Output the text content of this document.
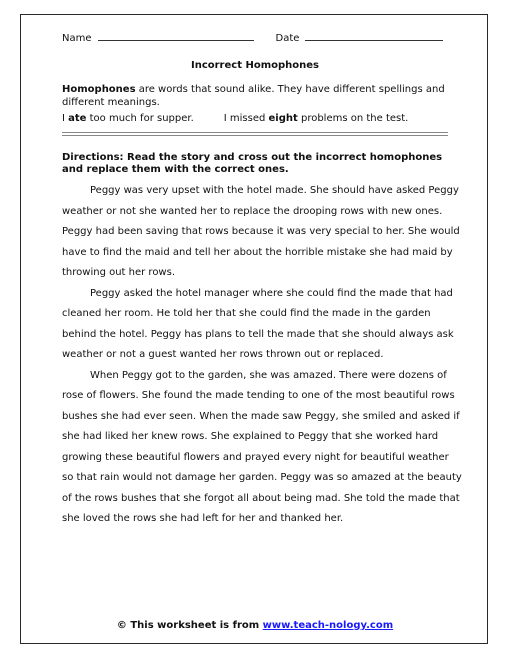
Name	Date
Incorrect Homophones
Homophones are words that sound alike. They have different spellings and different meanings.
I ate too much for supper.	I missed eight problems on the test.
Directions: Read the story and cross out the incorrect homophones and replace them with the correct ones.

Peggy was very upset with the hotel made. She should have asked Peggy weather or not she wanted her to replace the drooping rows with new ones. Peggy had been saving that rows because it was very special to her. She would have to find the maid and tell her about the horrible mistake she had maid by throwing out her rows.

Peggy asked the hotel manager where she could find the made that had cleaned her room. He told her that she could find the made in the garden behind the hotel. Peggy has plans to tell the made that she should always ask weather or not a guest wanted her rows thrown out or replaced.

When Peggy got to the garden, she was amazed. There were dozens of rose of flowers. She found the made tending to one of the most beautiful rows bushes she had ever seen. When the made saw Peggy, she smiled and asked if she had liked her knew rows. She explained to Peggy that she worked hard growing these beautiful flowers and prayed every night for beautiful weather so that rain would not damage her garden. Peggy was so amazed at the beauty of the rows bushes that she forgot all about being mad. She told the made that she loved the rows she had left for her and thanked her.

© This worksheet is from www.teach-nology.com
